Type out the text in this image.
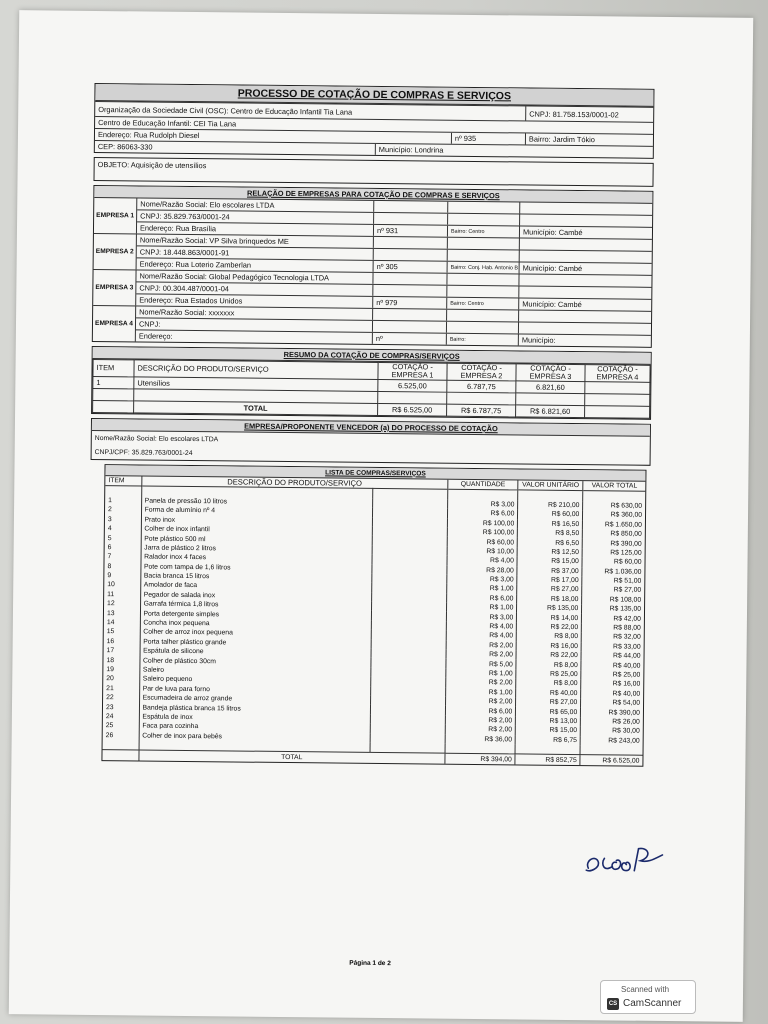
PROCESSO DE COTAÇÃO DE COMPRAS E SERVIÇOS
Organização da Sociedade Civil (OSC): Centro de Educação Infantil Tia Lana	CNPJ: 81.758.153/0001-02
Centro de Educação Infantil: CEI Tia Lana
Endereço: Rua Rudolph Diesel	nº 935	Bairro: Jardim Tókio
CEP: 86063-330	Município: Londrina
OBJETO: Aquisição de utensílios
RELAÇÃO DE EMPRESAS PARA COTAÇÃO DE COMPRAS E SERVIÇOS
EMPRESA 1
Nome/Razão Social: Elo escolares LTDA
CNPJ: 35.829.763/0001-24
Endereço: Rua Brasília	nº 931	Bairro: Centro	Município: Cambé
EMPRESA 2
Nome/Razão Social: VP Silva brinquedos ME
CNPJ: 18.448.863/0001-91
Endereço: Rua Loterio Zamberlan	nº 305	Bairro: Conj. Hab. Antonio B Município: Cambé
EMPRESA 3
Nome/Razão Social: Global Pedagógico Tecnologia LTDA
CNPJ: 00.304.487/0001-04
Endereço: Rua Estados Unidos	nº 979	Bairro: Centro	Município: Cambé
EMPRESA 4
Nome/Razão Social: xxxxxxx
CNPJ:
Endereço:	nº	Bairro:	Município:
RESUMO DA COTAÇÃO DE COMPRAS/SERVIÇOS
ITEM	DESCRIÇÃO DO PRODUTO/SERVIÇO	COTAÇÃO - EMPRESA 1	COTAÇÃO - EMPRESA 2	COTAÇÃO - EMPRESA 3	COTAÇÃO - EMPRESA 4
1	Utensílios	6.525,00	6.787,75	6.821,60	

	TOTAL	R$ 6.525,00	R$ 6.787,75	R$ 6.821,60	
EMPRESA/PROPONENTE VENCEDOR (a) DO PROCESSO DE COTAÇÃO
Nome/Razão Social: Elo escolares LTDA
CNPJ/CPF: 35.829.763/0001-24
LISTA DE COMPRAS/SERVIÇOS
ITEM	DESCRIÇÃO DO PRODUTO/SERVIÇO		QUANTIDADE	VALOR UNITÁRIO	VALOR TOTAL

1	Panela de pressão 10 litros		R$ 3,00	R$ 210,00	R$ 630,00
2	Forma de alumínio nº 4		R$ 6,00	R$ 60,00	R$ 360,00
3	Prato inox		R$ 100,00	R$ 16,50	R$ 1.650,00
4	Colher de inox infantil		R$ 100,00	R$ 8,50	R$ 850,00
5	Pote plástico 500 ml		R$ 60,00	R$ 6,50	R$ 390,00
6	Jarra de plástico 2 litros		R$ 10,00	R$ 12,50	R$ 125,00
7	Ralador inox 4 faces		R$ 4,00	R$ 15,00	R$ 60,00
8	Pote com tampa de 1,6 litros		R$ 28,00	R$ 37,00	R$ 1.036,00
9	Bacia branca 15 litros		R$ 3,00	R$ 17,00	R$ 51,00
10	Amolador de faca		R$ 1,00	R$ 27,00	R$ 27,00
11	Pegador de salada inox		R$ 6,00	R$ 18,00	R$ 108,00
12	Garrafa térmica 1,8 litros		R$ 1,00	R$ 135,00	R$ 135,00
13	Porta detergente simples		R$ 3,00	R$ 14,00	R$ 42,00
14	Concha inox pequena		R$ 4,00	R$ 22,00	R$ 88,00
15	Colher de arroz inox pequena		R$ 4,00	R$ 8,00	R$ 32,00
16	Porta talher plástico grande		R$ 2,00	R$ 16,00	R$ 33,00
17	Espátula de silicone		R$ 2,00	R$ 22,00	R$ 44,00
18	Colher de plástico 30cm		R$ 5,00	R$ 8,00	R$ 40,00
19	Saleiro		R$ 1,00	R$ 25,00	R$ 25,00
20	Saleiro pequeno		R$ 2,00	R$ 8,00	R$ 16,00
21	Par de luva para forno		R$ 1,00	R$ 40,00	R$ 40,00
22	Escumadeira de arroz grande		R$ 2,00	R$ 27,00	R$ 54,00
23	Bandeja plástica branca 15 litros		R$ 6,00	R$ 65,00	R$ 390,00
24	Espátula de inox		R$ 2,00	R$ 13,00	R$ 26,00
25	Faca para cozinha		R$ 2,00	R$ 15,00	R$ 30,00
26	Colher de inox para bebês		R$ 36,00	R$ 6,75	R$ 243,00

	TOTAL		R$ 394,00	R$ 852,75	R$ 6.525,00
Página 1 de 2
Scanned with
CS CamScanner
